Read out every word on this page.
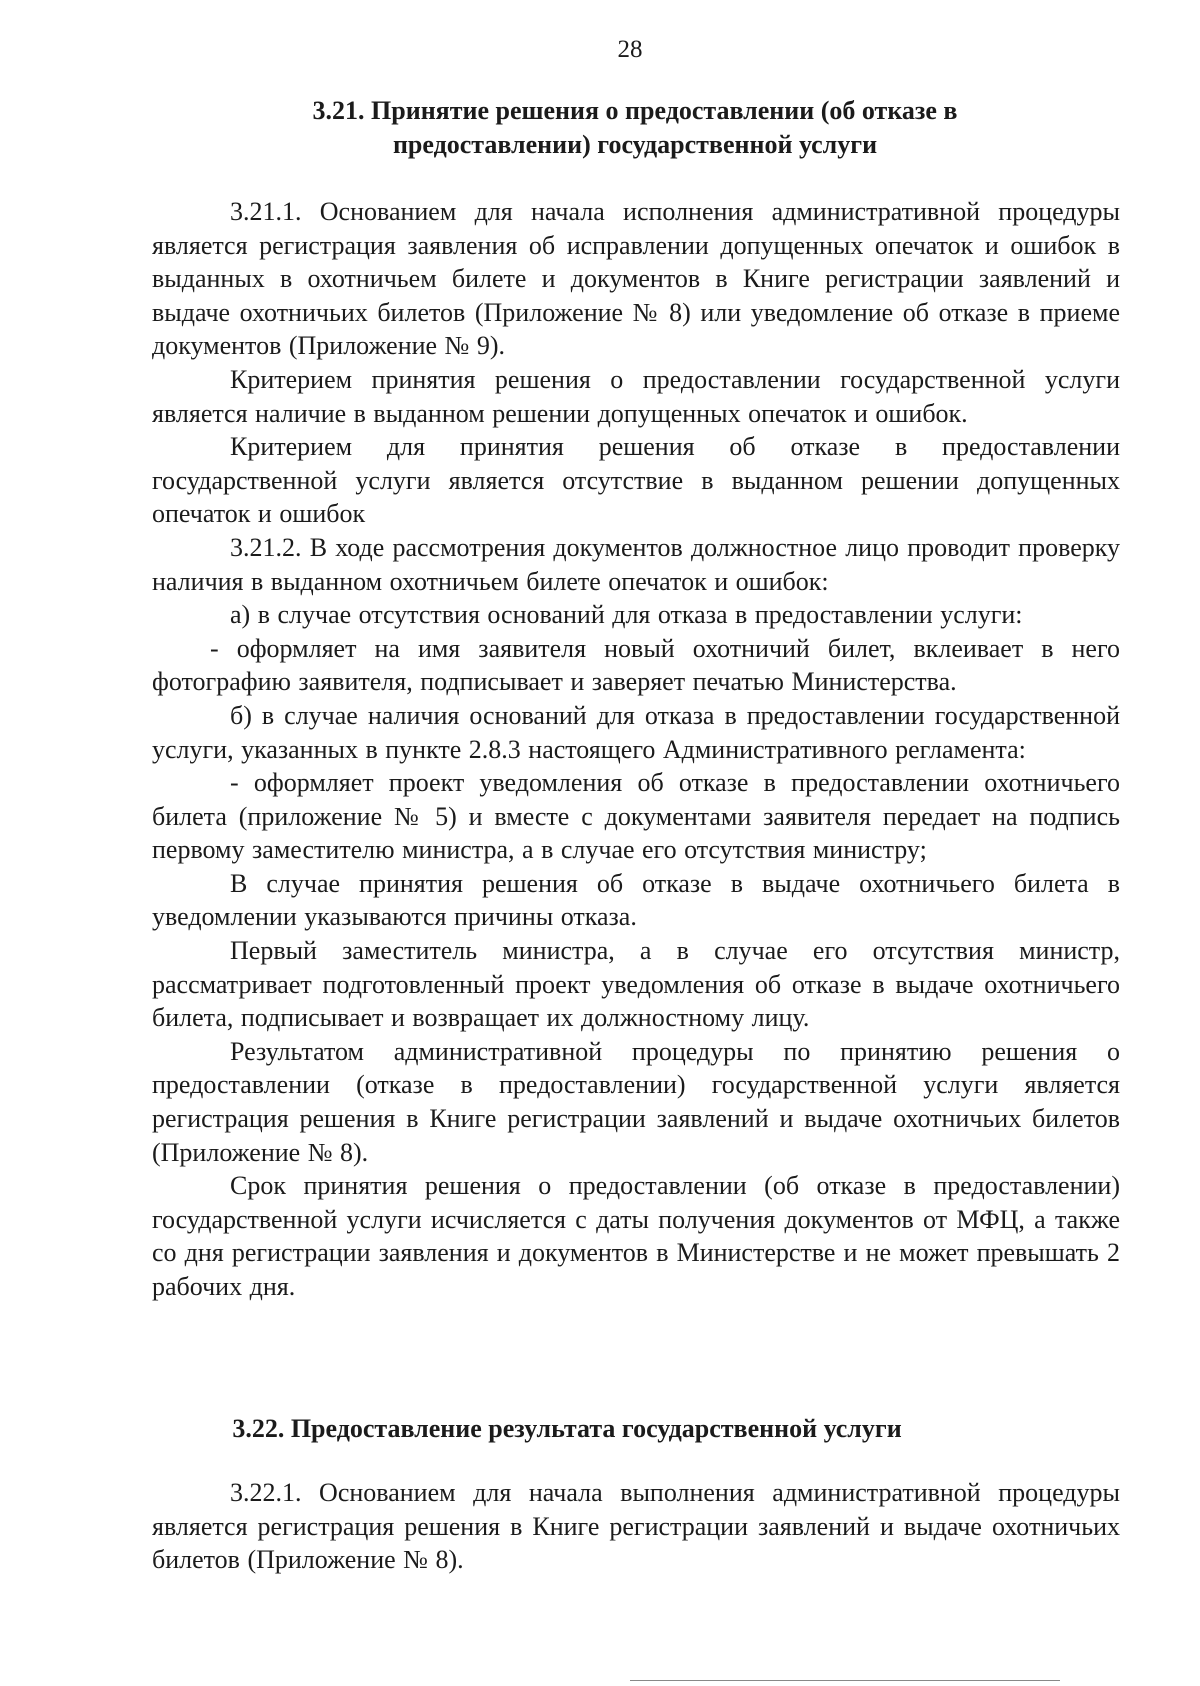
28
3.21. Принятие решения о предоставлении (об отказе в
предоставлении) государственной услуги

3.21.1. Основанием для начала исполнения административной процедуры является регистрация заявления об исправлении допущенных опечаток и ошибок в выданных в охотничьем билете и документов в Книге регистрации заявлений и выдаче охотничьих билетов (Приложение № 8) или уведомление об отказе в приеме документов (Приложение № 9).

Критерием принятия решения о предоставлении государственной услуги является наличие в выданном решении допущенных опечаток и ошибок.

Критерием для принятия решения об отказе в предоставлении государственной услуги является отсутствие в выданном решении допущенных опечаток и ошибок

3.21.2. В ходе рассмотрения документов должностное лицо проводит проверку наличия в выданном охотничьем билете опечаток и ошибок:

а) в случае отсутствия оснований для отказа в предоставлении услуги:

- оформляет на имя заявителя новый охотничий билет, вклеивает в него фотографию заявителя, подписывает и заверяет печатью Министерства.

б) в случае наличия оснований для отказа в предоставлении государственной услуги, указанных в пункте 2.8.3 настоящего Административного регламента:

- оформляет проект уведомления об отказе в предоставлении охотничьего билета (приложение № 5) и вместе с документами заявителя передает на подпись первому заместителю министра, а в случае его отсутствия министру;

В случае принятия решения об отказе в выдаче охотничьего билета в уведомлении указываются причины отказа.

Первый заместитель министра, а в случае его отсутствия министр, рассматривает подготовленный проект уведомления об отказе в выдаче охотничьего билета, подписывает и возвращает их должностному лицу.

Результатом административной процедуры по принятию решения о предоставлении (отказе в предоставлении) государственной услуги является регистрация решения в Книге регистрации заявлений и выдаче охотничьих билетов (Приложение № 8).

Срок принятия решения о предоставлении (об отказе в предоставлении) государственной услуги исчисляется с даты получения документов от МФЦ, а также со дня регистрации заявления и документов в Министерстве и не может превышать 2 рабочих дня.

3.22. Предоставление результата государственной услуги

3.22.1. Основанием для начала выполнения административной процедуры является регистрация решения в Книге регистрации заявлений и выдаче охотничьих билетов (Приложение № 8).
